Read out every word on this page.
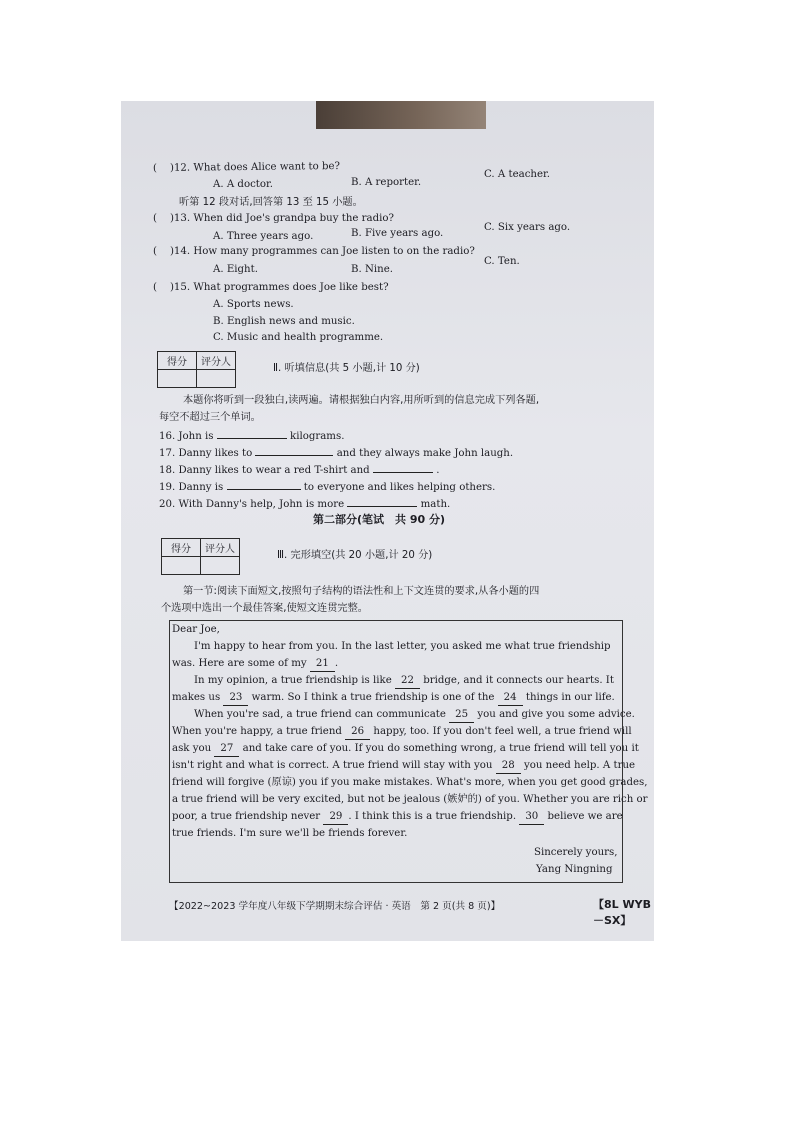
( )12. What does Alice want to be?
A. A doctor.	B. A reporter.
C. A teacher.
听第 12 段对话,回答第 13 至 15 小题。
( )13. When did Joe's grandpa buy the radio?
A. Three years ago.	B. Five years ago.
C. Six years ago.
( )14. How many programmes can Joe listen to on the radio?
A. Eight.	B. Nine.
C. Ten.
( )15. What programmes does Joe like best?
A. Sports news.
B. English news and music.
C. Music and health programme.
得分	评分人

Ⅱ. 听填信息(共 5 小题,计 10 分)
本题你将听到一段独白,读两遍。请根据独白内容,用所听到的信息完成下列各题,
每空不超过三个单词。
16. John is	kilograms.
17. Danny likes to	and they always make John laugh.
18. Danny likes to wear a red T-shirt and	.
19. Danny is	to everyone and likes helping others.
20. With Danny's help, John is more	math.
第二部分(笔试　共 90 分)
得分	评分人

Ⅲ. 完形填空(共 20 小题,计 20 分)
第一节:阅读下面短文,按照句子结构的语法性和上下文连贯的要求,从各小题的四
个选项中选出一个最佳答案,使短文连贯完整。
Dear Joe,
I'm happy to hear from you. In the last letter, you asked me what true friendship
was. Here are some of my 21 .
In my opinion, a true friendship is like 22 bridge, and it connects our hearts. It
makes us 23 warm. So I think a true friendship is one of the 24 things in our life.
When you're sad, a true friend can communicate 25 you and give you some advice.
When you're happy, a true friend 26 happy, too. If you don't feel well, a true friend will
ask you 27 and take care of you. If you do something wrong, a true friend will tell you it
isn't right and what is correct. A true friend will stay with you 28 you need help. A true
friend will forgive (原谅) you if you make mistakes. What's more, when you get good grades,
a true friend will be very excited, but not be jealous (嫉妒的) of you. Whether you are rich or
poor, a true friendship never 29 . I think this is a true friendship. 30 believe we are
true friends. I'm sure we'll be friends forever.
Sincerely yours,
Yang Ningning
【2022~2023 学年度八年级下学期期末综合评估 · 英语　第 2 页(共 8 页)】	【8L WYB－SX】
